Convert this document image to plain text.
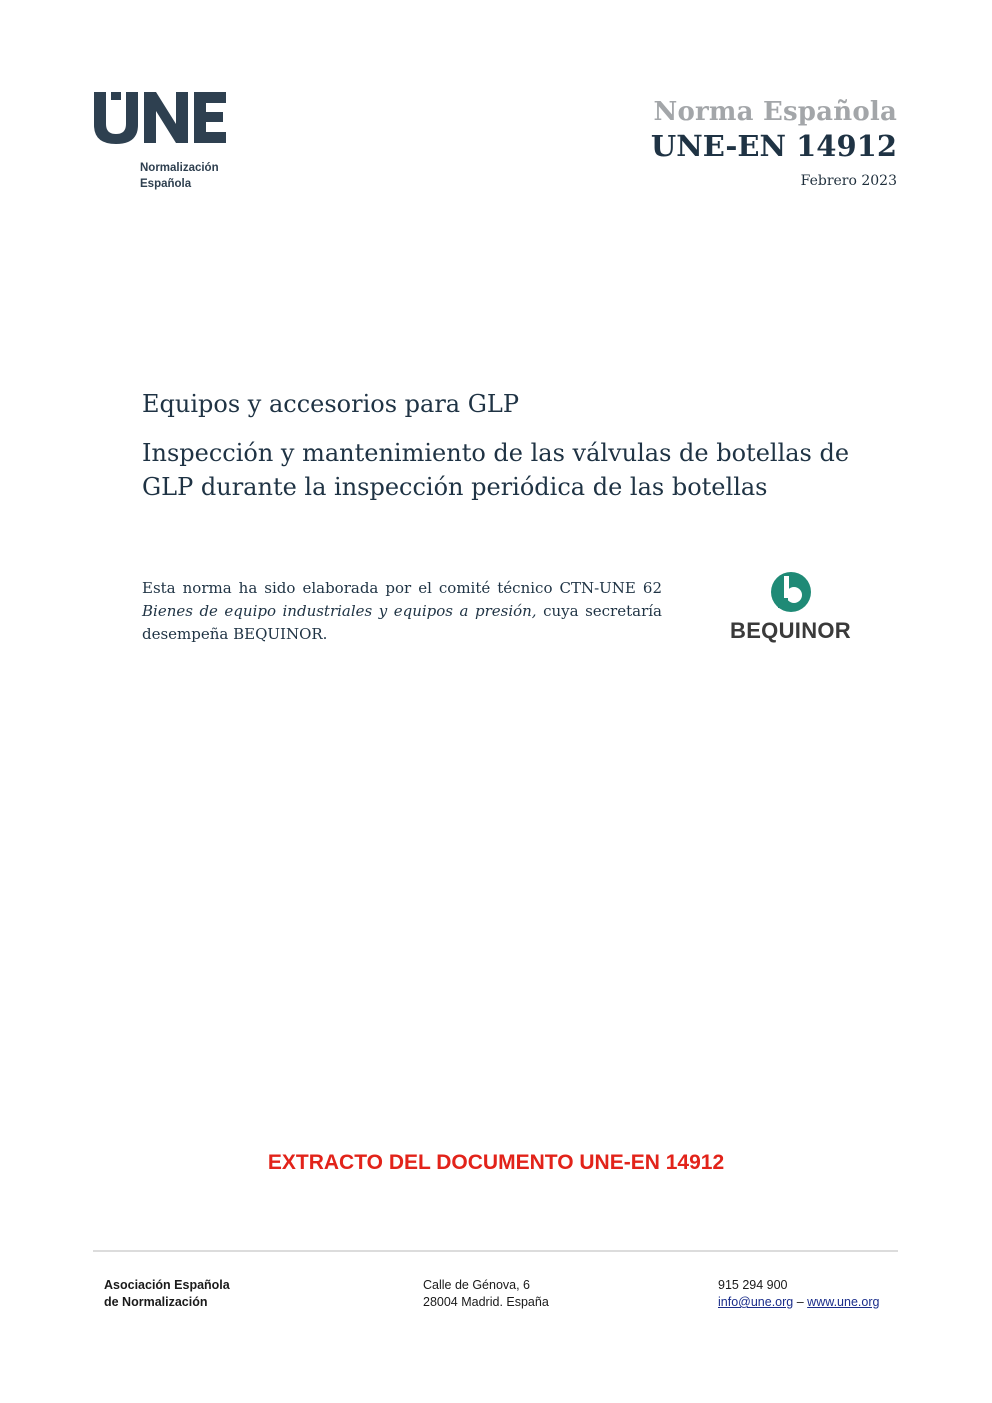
Normalización
Española
Norma Española
UNE-EN 14912
Febrero 2023
Equipos y accesorios para GLP
Inspección y mantenimiento de las válvulas de botellas de GLP durante la inspección periódica de las botellas
Esta norma ha sido elaborada por el comité técnico CTN-UNE 62 Bienes de equipo industriales y equipos a presión, cuya secretaría desempeña BEQUINOR.	BEQUINOR
EXTRACTO DEL DOCUMENTO UNE-EN 14912
Asociación Española
de Normalización
Calle de Génova, 6
28004 Madrid. España
915 294 900
info@une.org – www.une.org
